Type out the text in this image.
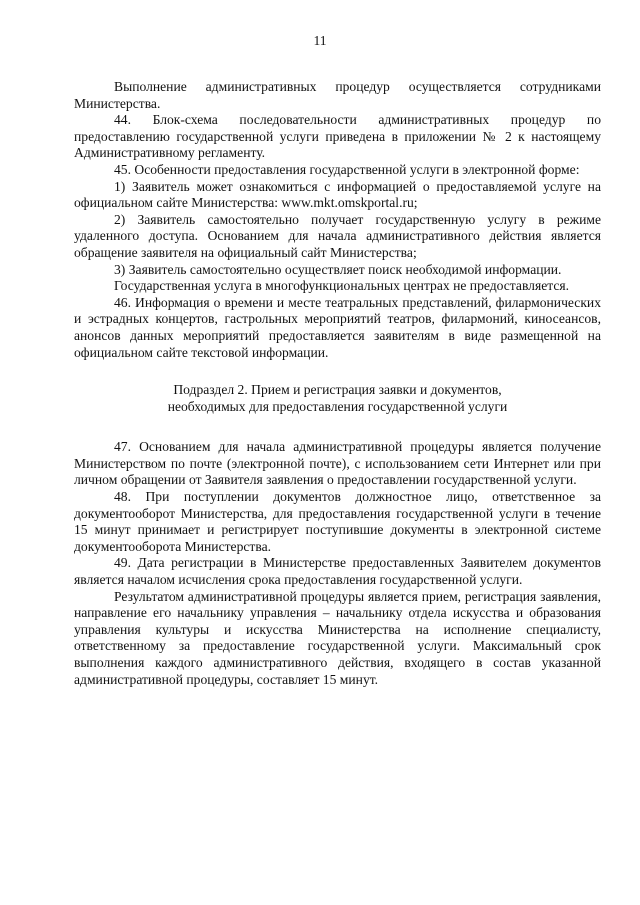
11

Выполнение административных процедур осуществляется сотрудниками Министерства.

44. Блок-схема последовательности административных процедур по предоставлению государственной услуги приведена в приложении № 2 к настоящему Административному регламенту.

45. Особенности предоставления государственной услуги в электронной форме:

1) Заявитель может ознакомиться с информацией о предоставляемой услуге на официальном сайте Министерства: www.mkt.omskportal.ru;

2) Заявитель самостоятельно получает государственную услугу в режиме удаленного доступа. Основанием для начала административного действия является обращение заявителя на официальный сайт Министерства;

3) Заявитель самостоятельно осуществляет поиск необходимой информации.

Государственная услуга в многофункциональных центрах не предоставляется.

46. Информация о времени и месте театральных представлений, филармонических и эстрадных концертов, гастрольных мероприятий театров, филармоний, киносеансов, анонсов данных мероприятий предоставляется заявителям в виде размещенной на официальном сайте текстовой информации.

Подраздел 2. Прием и регистрация заявки и документов,
необходимых для предоставления государственной услуги

47. Основанием для начала административной процедуры является получение Министерством по почте (электронной почте), с использованием сети Интернет или при личном обращении от Заявителя заявления о предоставлении государственной услуги.

48. При поступлении документов должностное лицо, ответственное за документооборот Министерства, для предоставления государственной услуги в течение 15 минут принимает и регистрирует поступившие документы в электронной системе документооборота Министерства.

49. Дата регистрации в Министерстве предоставленных Заявителем документов является началом исчисления срока предоставления государственной услуги.

Результатом административной процедуры является прием, регистрация заявления, направление его начальнику управления – начальнику отдела искусства и образования управления культуры и искусства Министерства на исполнение специалисту, ответственному за предоставление государственной услуги. Максимальный срок выполнения каждого административного действия, входящего в состав указанной административной процедуры, составляет 15 минут.
